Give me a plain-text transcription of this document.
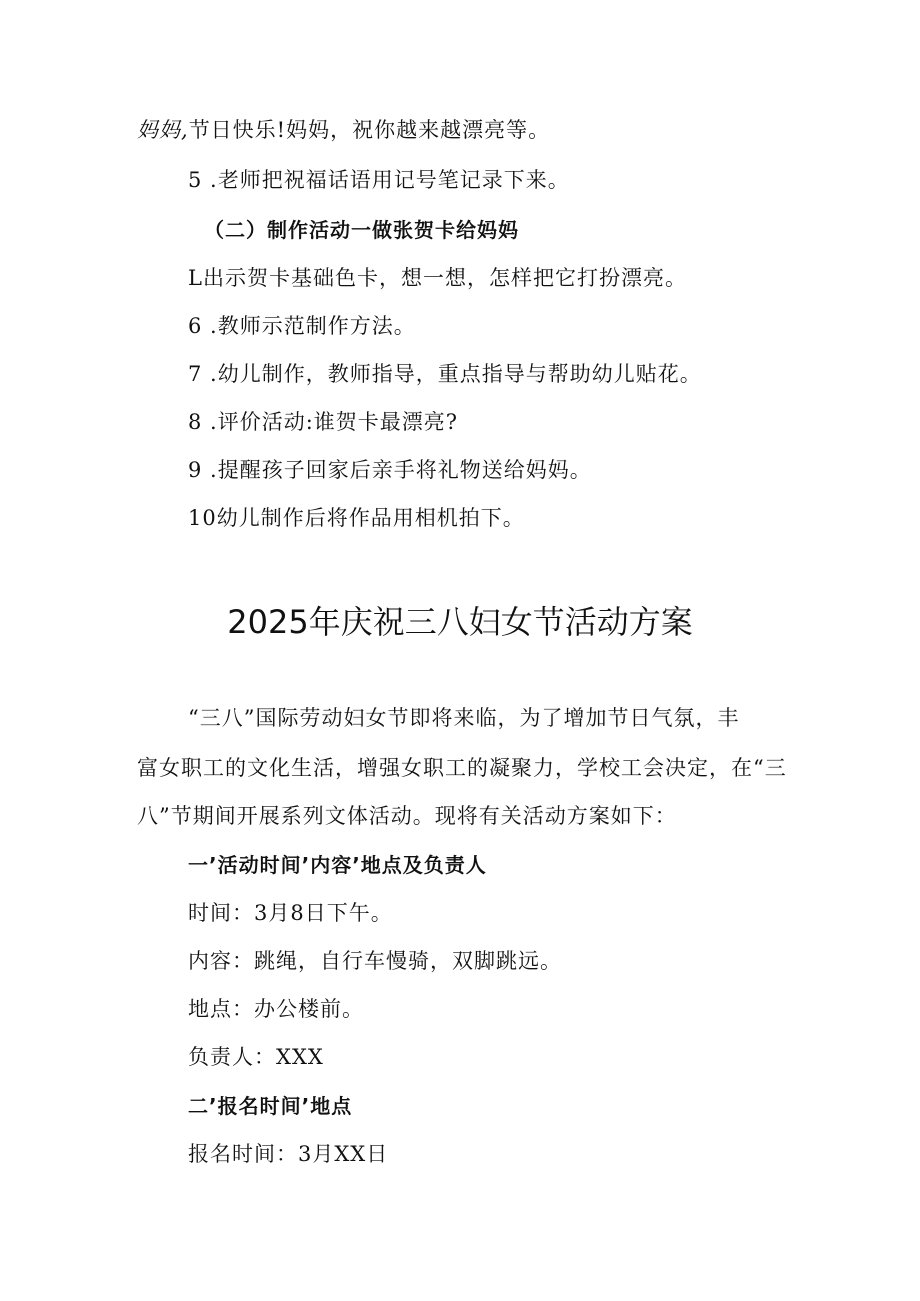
妈妈,节日快乐!妈妈，祝你越来越漂亮等。
5 .老师把祝福话语用记号笔记录下来。
（二）制作活动一做张贺卡给妈妈
L出示贺卡基础色卡，想一想，怎样把它打扮漂亮。
6 .教师示范制作方法。
7 .幼儿制作，教师指导，重点指导与帮助幼儿贴花。
8 .评价活动:谁贺卡最漂亮?
9 .提醒孩子回家后亲手将礼物送给妈妈。
10幼儿制作后将作品用相机拍下。
2025年庆祝三八妇女节活动方案
“三八”国际劳动妇女节即将来临，为了增加节日气氛，丰
富女职工的文化生活，增强女职工的凝聚力，学校工会决定，在“三
八”节期间开展系列文体活动。现将有关活动方案如下：
一’活动时间’内容’地点及负责人
时间：3月8日下午。
内容：跳绳，自行车慢骑，双脚跳远。
地点：办公楼前。
负责人：XXX
二’报名时间’地点
报名时间：3月XX日
